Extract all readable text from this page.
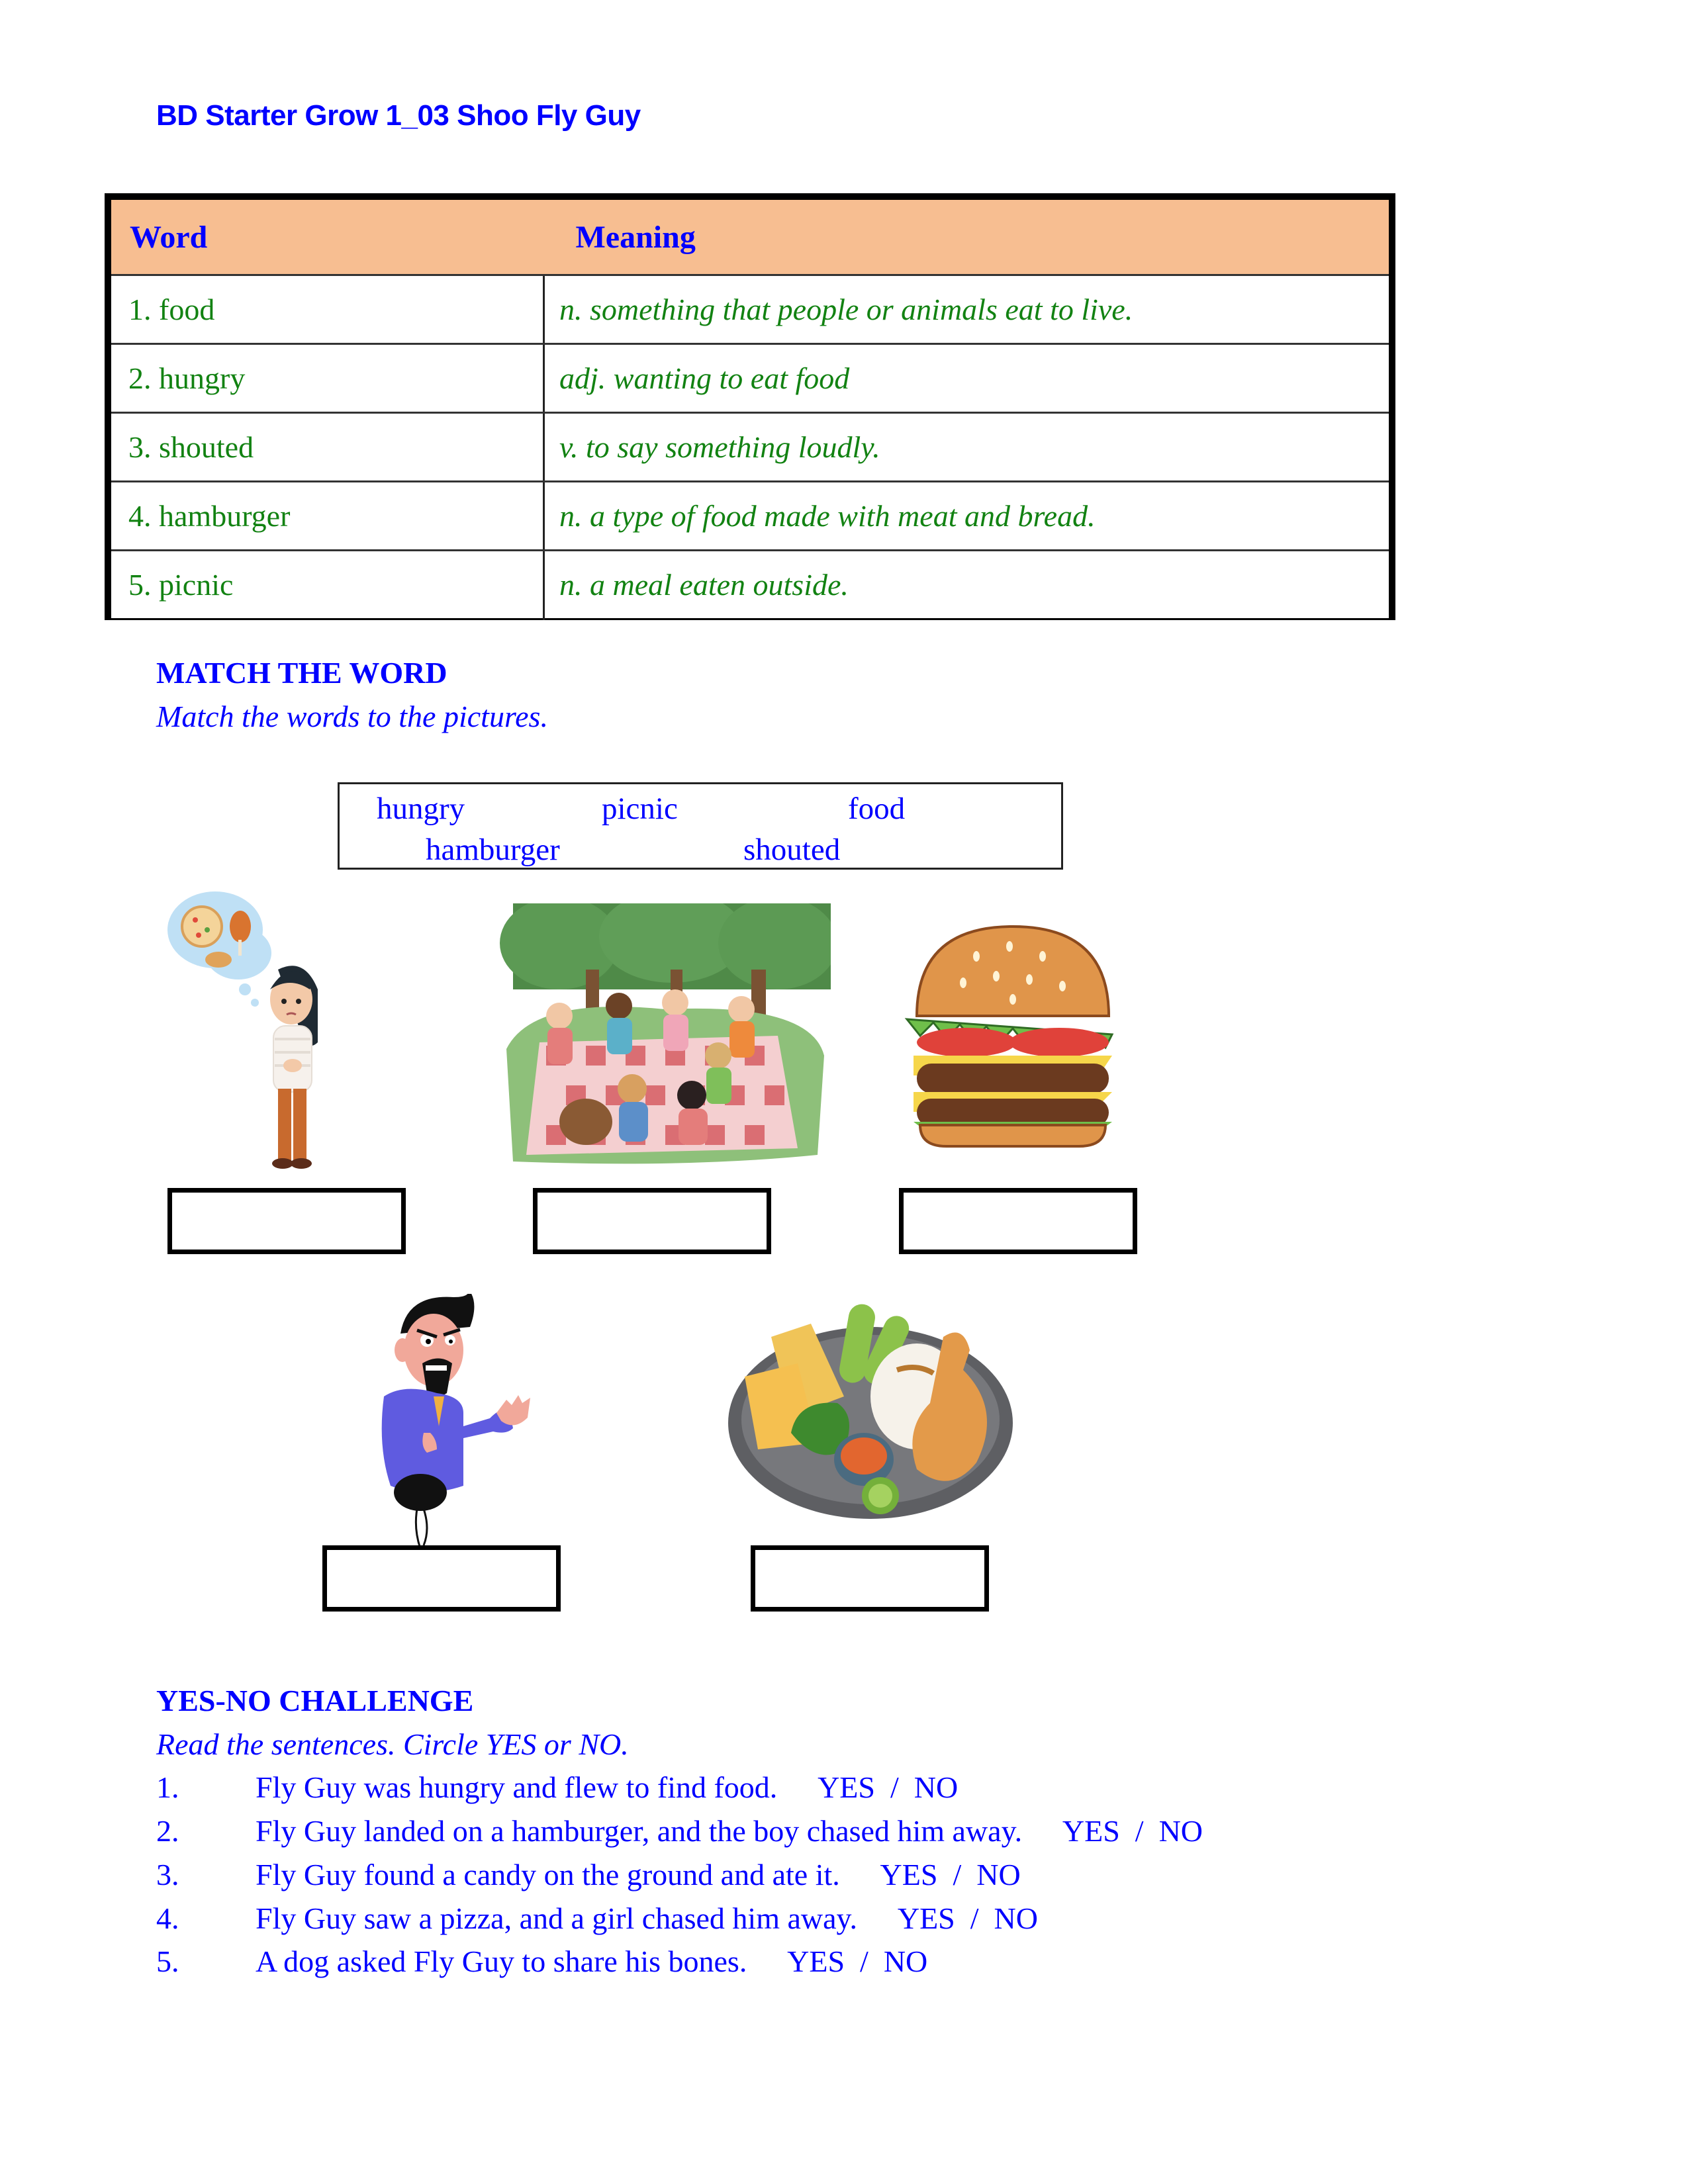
BD Starter Grow 1_03 Shoo Fly Guy
Word	Meaning
1. food	n. something that people or animals eat to live.
2. hungry	adj. wanting to eat food
3. shouted	v. to say something loudly.
4. hamburger	n. a type of food made with meat and bread.
5. picnic	n. a meal eaten outside.
MATCH THE WORD
Match the words to the pictures.
hungry	picnic	food
hamburger	shouted
YES-NO CHALLENGE
Read the sentences. Circle YES or NO.
1.	Fly Guy was hungry and flew to find food.   YES  /  NO
2.	Fly Guy landed on a hamburger, and the boy chased him away.   YES  /  NO
3.	Fly Guy found a candy on the ground and ate it.   YES  /  NO
4.	Fly Guy saw a pizza, and a girl chased him away.   YES  /  NO
5.	A dog asked Fly Guy to share his bones.   YES  /  NO
